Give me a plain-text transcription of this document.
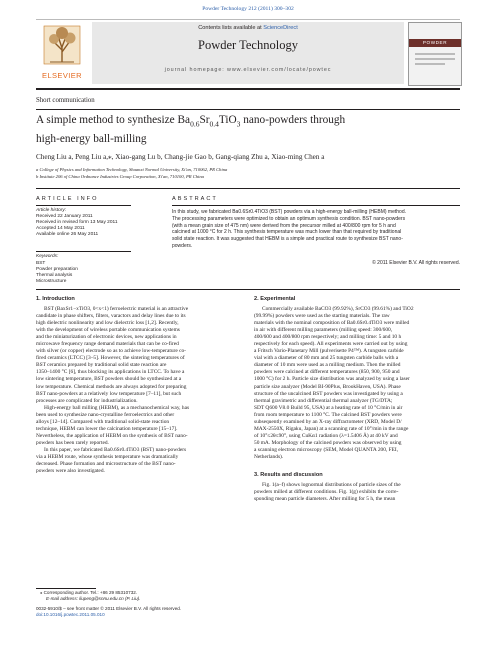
Powder Technology 212 (2011) 300–302
ELSEVIER
Contents lists available at ScienceDirect
Powder Technology
journal homepage: www.elsevier.com/locate/powtec
POWDER
Short communication
A simple method to synthesize $Ba_{0.6}Sr_{0.4}TiO_3$ nano-powders through
high-energy ball-milling
Cheng Liu a, Peng Liu a,⁎, Xiao-gang Lu b, Chang-jie Gao b, Gang-qiang Zhu a, Xiao-ming Chen a
a College of Physics and Information Technology, Shaanxi Normal University, Xi'an, 710062, PR China
b Institute 206 of China Ordnance Industries Group Corporation, Xi'an, 710100, PR China
ARTICLE INFO
Article history:
Received 22 January 2011
Received in revised form 13 May 2011
Accepted 14 May 2011
Available online 26 May 2011
Keywords:
BST
Powder preparation
Thermal analysis
Microstructure
ABSTRACT
In this study, we fabricated Ba0.6Sr0.4TiO3 (BST) powders via a high-energy ball-milling (HEBM) method.
The processing parameters were optimized to obtain an optimum synthesis condition. BST nano-powders
(with a mean grain size of 475 nm) were derived from the precursor milled at 400/800 rpm for 5 h and
calcined at 1000 °C for 2 h. This synthesis temperature was much lower than that required by traditional
solid state reaction. It was suggested that HEBM is a simple and practical route to synthesize BST nano-
powders.
© 2011 Elsevier B.V. All rights reserved.
1. Introduction
BST (BaxSr1−xTiO3, 0<x<1) ferroelectric material is an attractive
candidate in phase shifters, filters, varactors and delay lines due to its
high dielectric nonlinearity and low dielectric loss [1,2]. Recently,
with the development of wireless portable communication systems
and the miniaturization of electronic devices, new applications in
microwave frequency range demand materials that can be co-fired
with silver (or copper) electrode so as to achieve low-temperature co-
fired ceramics (LTCC) [3–5]. However, the sintering temperatures of
BST ceramics prepared by traditional solid state reaction are
1350–1400 °C [6], thus blocking its applications in LTCC. To have a
low sintering temperature, BST powders should be synthesized at a
low temperature. Chemical methods are always adopted for preparing
BST nano-powders at a relatively low temperature [7–11], but such
processes are complicated for industrialization.
High-energy ball milling (HEBM), as a mechanochemical way, has
been used to synthesize nano-crystalline ferroelectrics and other
alloys [12–14]. Compared with traditional solid-state reaction
technique, HEBM can lower the calcination temperature [15–17].
Nevertheless, the application of HEBM on the synthesis of BST nano-
powders has been rarely reported.
In this paper, we fabricated Ba0.6Sr0.4TiO3 (BST) nano-powders
via a HEBM route, whose synthesis temperature was dramatically
decreased. Phase formation and microstructure of the BST nano-
powders were also investigated.
⁎ Corresponding author. Tel.: +86 29 85310732.
E-mail address: liupeng@snnu.edu.cn (P. Liu).
0032-5910/$ – see front matter © 2011 Elsevier B.V. All rights reserved.
doi:10.1016/j.powtec.2011.05.010
2. Experimental
Commercially available BaCO3 (99.92%), SrCO3 (99.61%) and TiO2
(99.99%) powders were used as the starting materials. The raw
materials with the nominal composition of Ba0.6Sr0.4TiO3 were milled
in air with different milling parameters (milling speed: 300/600,
400/600 and 400/800 rpm respectively; and milling time: 5 and 10 h
respectively for each speed). All experiments were carried out by using
a Fritsch Vario-Planetary Mill (pulverisette P4™). A tungsten carbide
vial with a diameter of 80 mm and 25 tungsten carbide balls with a
diameter of 10 mm were used as a milling medium. Then the milled
powders were calcined at different temperatures (850, 900, 950 and
1000 °C) for 2 h. Particle size distribution was analyzed by using a laser
particle size analyzer (Model BI-90Plus, BrookHaven, USA). Phase
structure of the uncalcined BST powders was investigated by using a
thermal gravimetric and differential thermal analyzer (TG/DTA;
SDT Q600 V8.0 Build 95, USA) at a heating rate of 10 °C/min in air
from room temperature to 1100 °C. The calcined BST powders were
subsequently examined by an X-ray diffractometer (XRD, Model D/
MAX-2550X, Rigaku, Japan) at a scanning rate of 10°/min in the range
of 10°≤2θ≤90°, using CuKα1 radiation (λ=1.5406 Å) at 40 kV and
50 mA. Morphology of the calcined powders was observed by using
a scanning electron microscopy (SEM, Model QUANTA 200, FEI,
Netherlands).
3. Results and discussion
Fig. 1(a–f) shows lognormal distributions of particle sizes of the
powders milled at different conditions. Fig. 1(g) exhibits the corre-
sponding mean particle diameters. After milling for 5 h, the mean
